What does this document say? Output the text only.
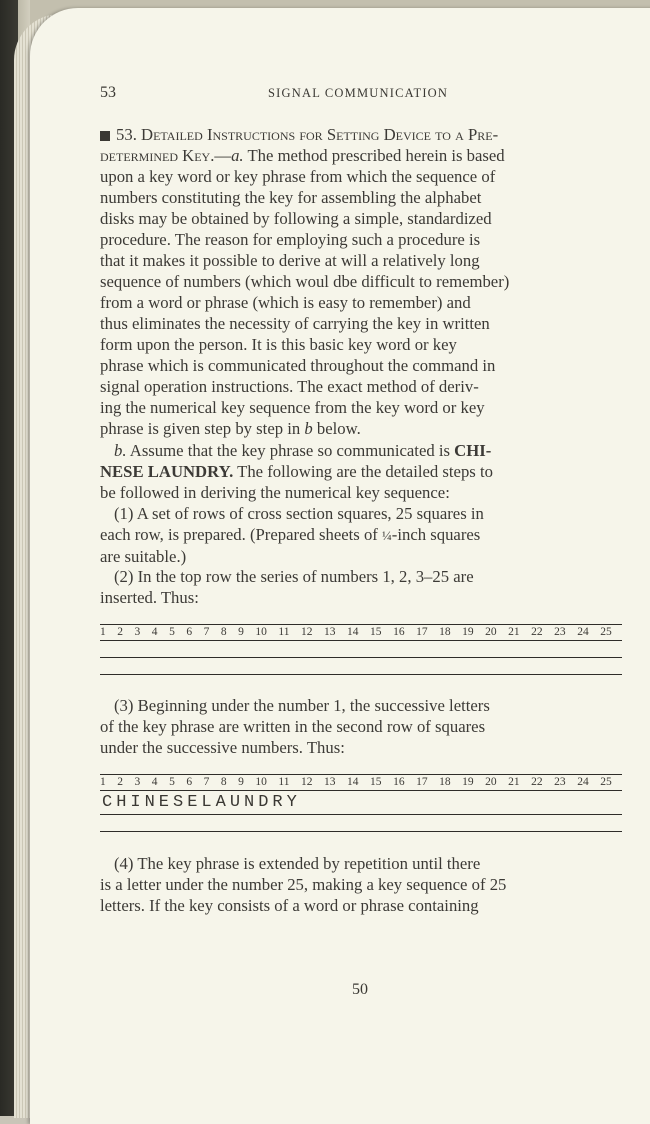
53	SIGNAL COMMUNICATION
53. Detailed Instructions for Setting Device to a Pre-
determined Key.—a. The method prescribed herein is based
upon a key word or key phrase from which the sequence of
numbers constituting the key for assembling the alphabet
disks may be obtained by following a simple, standardized
procedure. The reason for employing such a procedure is
that it makes it possible to derive at will a relatively long
sequence of numbers (which woul dbe difficult to remember)
from a word or phrase (which is easy to remember) and
thus eliminates the necessity of carrying the key in written
form upon the person. It is this basic key word or key
phrase which is communicated throughout the command in
signal operation instructions. The exact method of deriv-
ing the numerical key sequence from the key word or key
phrase is given step by step in b below.
b. Assume that the key phrase so communicated is CHI-
NESE LAUNDRY. The following are the detailed steps to
be followed in deriving the numerical key sequence:
(1) A set of rows of cross section squares, 25 squares in
each row, is prepared. (Prepared sheets of ¼-inch squares
are suitable.)
(2) In the top row the series of numbers 1, 2, 3–25 are
inserted. Thus:
1 2 3 4 5 6 7 8 9 10 11 12 13 14 15 16 17 18 19 20 21 22 23 24 25
(3) Beginning under the number 1, the successive letters
of the key phrase are written in the second row of squares
under the successive numbers. Thus:
1 2 3 4 5 6 7 8 9 10 11 12 13 14 15 16 17 18 19 20 21 22 23 24 25
CHINESELAUNDRY
(4) The key phrase is extended by repetition until there
is a letter under the number 25, making a key sequence of 25
letters. If the key consists of a word or phrase containing
50
